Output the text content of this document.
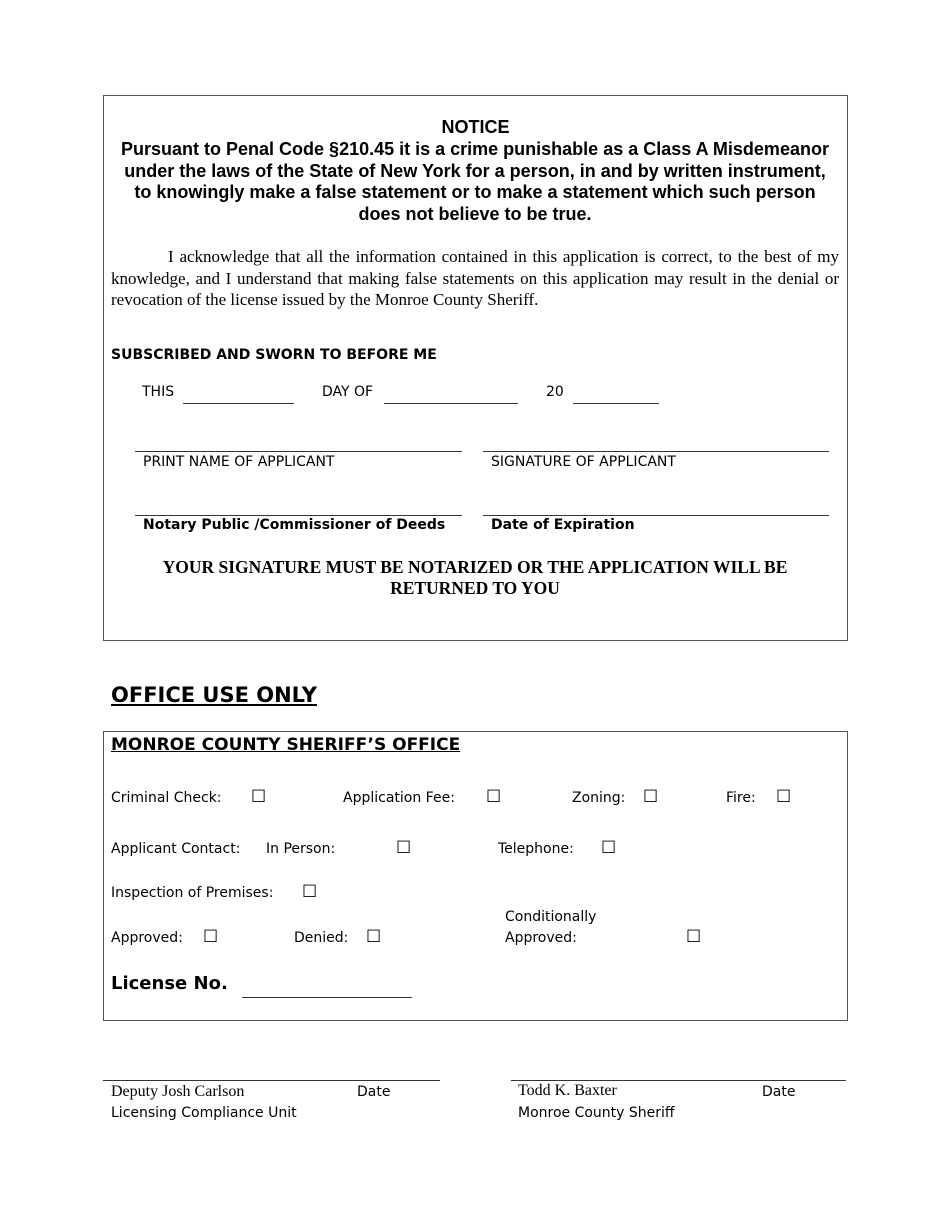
NOTICE
Pursuant to Penal Code §210.45 it is a crime punishable as a Class A Misdemeanor under the laws of the State of New York for a person, in and by written instrument, to knowingly make a false statement or to make a statement which such person does not believe to be true.
I acknowledge that all the information contained in this application is correct, to the best of my knowledge, and I understand that making false statements on this application may result in the denial or revocation of the license issued by the Monroe County Sheriff.
SUBSCRIBED AND SWORN TO BEFORE ME
THIS	DAY OF	20
PRINT NAME OF APPLICANT	SIGNATURE OF APPLICANT
Notary Public /Commissioner of Deeds	Date of Expiration
YOUR SIGNATURE MUST BE NOTARIZED OR THE APPLICATION WILL BE RETURNED TO YOU
OFFICE USE ONLY
MONROE COUNTY SHERIFF’S OFFICE
Criminal Check: ☐	Application Fee: ☐	Zoning: ☐	Fire: ☐
Applicant Contact: In Person:	☐	Telephone: ☐
Inspection of Premises: ☐
Approved: ☐	Denied: ☐
Conditionally
Approved:	☐
License No.
Deputy Josh Carlson	Date
Licensing Compliance Unit
Todd K. Baxter	Date
Monroe County Sheriff
